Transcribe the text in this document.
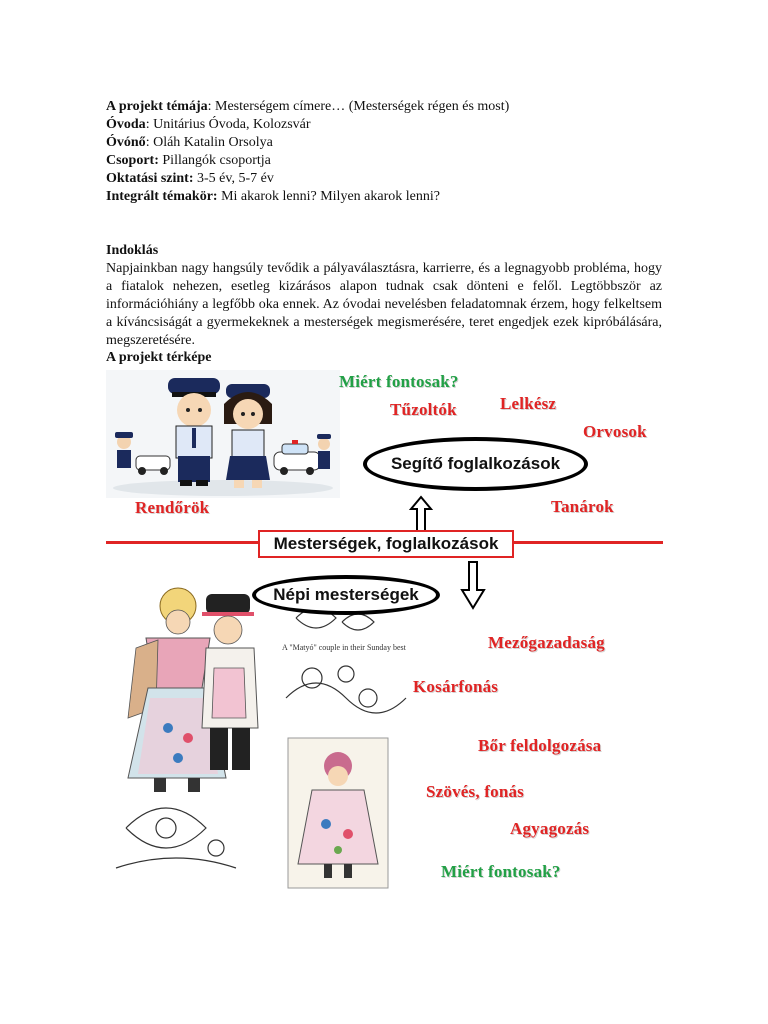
A projekt témája: Mesterségem címere… (Mesterségek régen és most)
Óvoda: Unitárius Óvoda, Kolozsvár
Óvónő: Oláh Katalin Orsolya
Csoport: Pillangók csoportja
Oktatási szint: 3-5 év, 5-7 év
Integrált témakör: Mi akarok lenni? Milyen akarok lenni?
Indoklás
Napjainkban nagy hangsúly tevődik a pályaválasztásra, karrierre, és a legnagyobb probléma, hogy a fiatalok nehezen, esetleg kizárásos alapon tudnak csak dönteni e felől. Legtöbbször az információhiány a legfőbb oka ennek. Az óvodai nevelésben feladatomnak érzem, hogy felkeltsem a kíváncsiságát a gyermekeknek a mesterségek megismerésére, teret engedjek ezek kipróbálására, megszeretésére.
A projekt térképe
A "Matyó" couple in their Sunday best
Mesterségek, foglalkozások
Segítő foglalkozások
Népi mesterségek
Miért fontosak?
Tűzoltók	Lelkész
Orvosok
Rendőrök	Tanárok
Mezőgazadaság
Kosárfonás
Bőr feldolgozása
Szövés, fonás
Agyagozás
Miért fontosak?
